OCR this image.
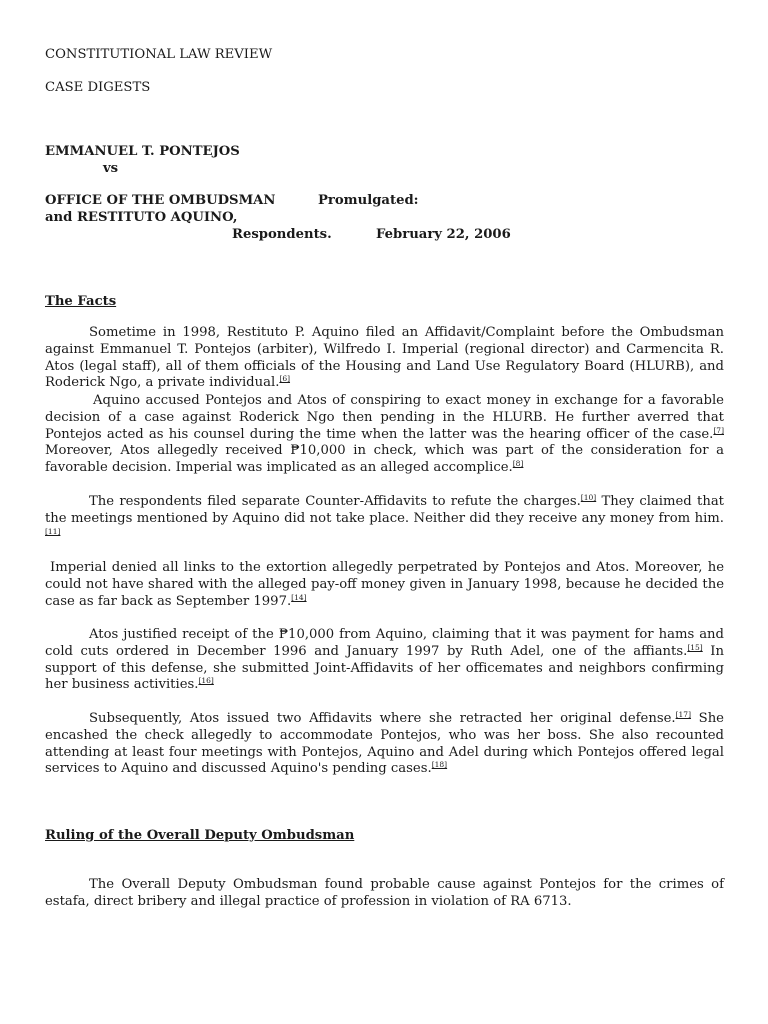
CONSTITUTIONAL LAW REVIEW
CASE DIGESTS
EMMANUEL T. PONTEJOS
vs
OFFICE OF THE OMBUDSMAN	Promulgated:
and RESTITUTO AQUINO,
Respondents.	February 22, 2006
The Facts
Sometime in 1998, Restituto P. Aquino filed an Affidavit/Complaint before the Ombudsman against Emmanuel T. Pontejos (arbiter), Wilfredo I. Imperial (regional director) and Carmencita R. Atos (legal staff), all of them officials of the Housing and Land Use Regulatory Board (HLURB), and Roderick Ngo, a private individual.[6]
Aquino accused Pontejos and Atos of conspiring to exact money in exchange for a favorable decision of a case against Roderick Ngo then pending in the HLURB. He further averred that Pontejos acted as his counsel during the time when the latter was the hearing officer of the case.[7] Moreover, Atos allegedly received ₱10,000 in check, which was part of the consideration for a favorable decision. Imperial was implicated as an alleged accomplice.[8]
The respondents filed separate Counter-Affidavits to refute the charges.[10] They claimed that the meetings mentioned by Aquino did not take place. Neither did they receive any money from him.[11]
Imperial denied all links to the extortion allegedly perpetrated by Pontejos and Atos. Moreover, he could not have shared with the alleged pay-off money given in January 1998, because he decided the case as far back as September 1997.[14]
Atos justified receipt of the ₱10,000 from Aquino, claiming that it was payment for hams and cold cuts ordered in December 1996 and January 1997 by Ruth Adel, one of the affiants.[15] In support of this defense, she submitted Joint-Affidavits of her officemates and neighbors confirming her business activities.[16]
Subsequently, Atos issued two Affidavits where she retracted her original defense.[17] She encashed the check allegedly to accommodate Pontejos, who was her boss. She also recounted attending at least four meetings with Pontejos, Aquino and Adel during which Pontejos offered legal services to Aquino and discussed Aquino's pending cases.[18]
Ruling of the Overall Deputy Ombudsman
The Overall Deputy Ombudsman found probable cause against Pontejos for the crimes of estafa, direct bribery and illegal practice of profession in violation of RA 6713.
